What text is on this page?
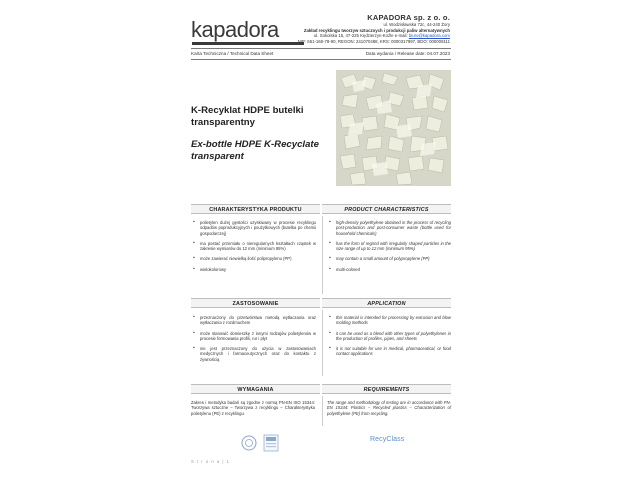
kapadora	KAPADORA sp. z o. o.
ul. Wodzisławska 72c, 44-240 Żory
Zakład recyklingu tworzyw sztucznych i produkcji paliw alternatywnych
ul. Sokolska 15, 47-225 Kędzierzyn-Koźle e-mail: biuro@kapadora.com
NIP: 651-168-78-90, REGON: 241070488, KRS: 0000317997, BDO: 000008111
Karta Techniczna / Technical Data Sheet	Data wydania / Release date: 04.07.2023
K-Recyklat HDPE butelki transparentny
Ex-bottle HDPE K-Recyclate transparent
CHARAKTERYSTYKA PRODUKTU	PRODUCT CHARACTERISTICS
▪ polietylen dużej gęstości uzyskiwany w procesie recyklingu odpadów poprodukcyjnych i poużytkowych (butelka po chemii gospodarczej)
▪ ma postać przemiału o nieregularnych kształtach cząstek w zakresie wymiarów do 12 mm (minimum 95%)
▪ może zawierać niewielką ilość polipropylenu (PP)
▪ wielokolorowy
▪ high-density polyethylene obtained in the process of recycling post-production and post-consumer waste (bottle used for household chemicals)
▪ has the form of regrind with irregularly shaped particles in the size range of up to 12 mm (minimum 95%)
▪ may contain a small amount of polypropylene (PP)
▪ multi-colored
ZASTOSOWANIE	APPLICATION
▪ przeznaczony do przetwórstwa metodą wytłaczania oraz wytłaczania z rozdmuchem
▪ może stanowić domieszkę z innymi rodzajów polietylenów w procesie formowania profili, rur i płyt
▪ nie jest przeznaczony do użycia w zastosowaniach medycznych i farmaceutycznych oraz do kontaktu z żywnością
▪ this material is intended for processing by extrusion and blow molding methods
▪ it can be used as a blend with other types of polyethylenes in the production of profiles, pipes, and sheets
▪ it is not suitable for use in medical, pharmaceutical, or food contact applications
WYMAGANIA	REQUIREMENTS
Zakres i metodyka badań są zgodne z normą PN-EN ISO 15344: Tworzywa sztuczne – Tworzywa z recyklingu – Charakterystyka polietylenu (PE) z recyklingu.
The range and methodology of testing are in accordance with PN-EN 15344: Plastics – Recycled plastics – Characterization of polyethylene (PE) from recycling.
RecyClass
S t r o n a | 1
